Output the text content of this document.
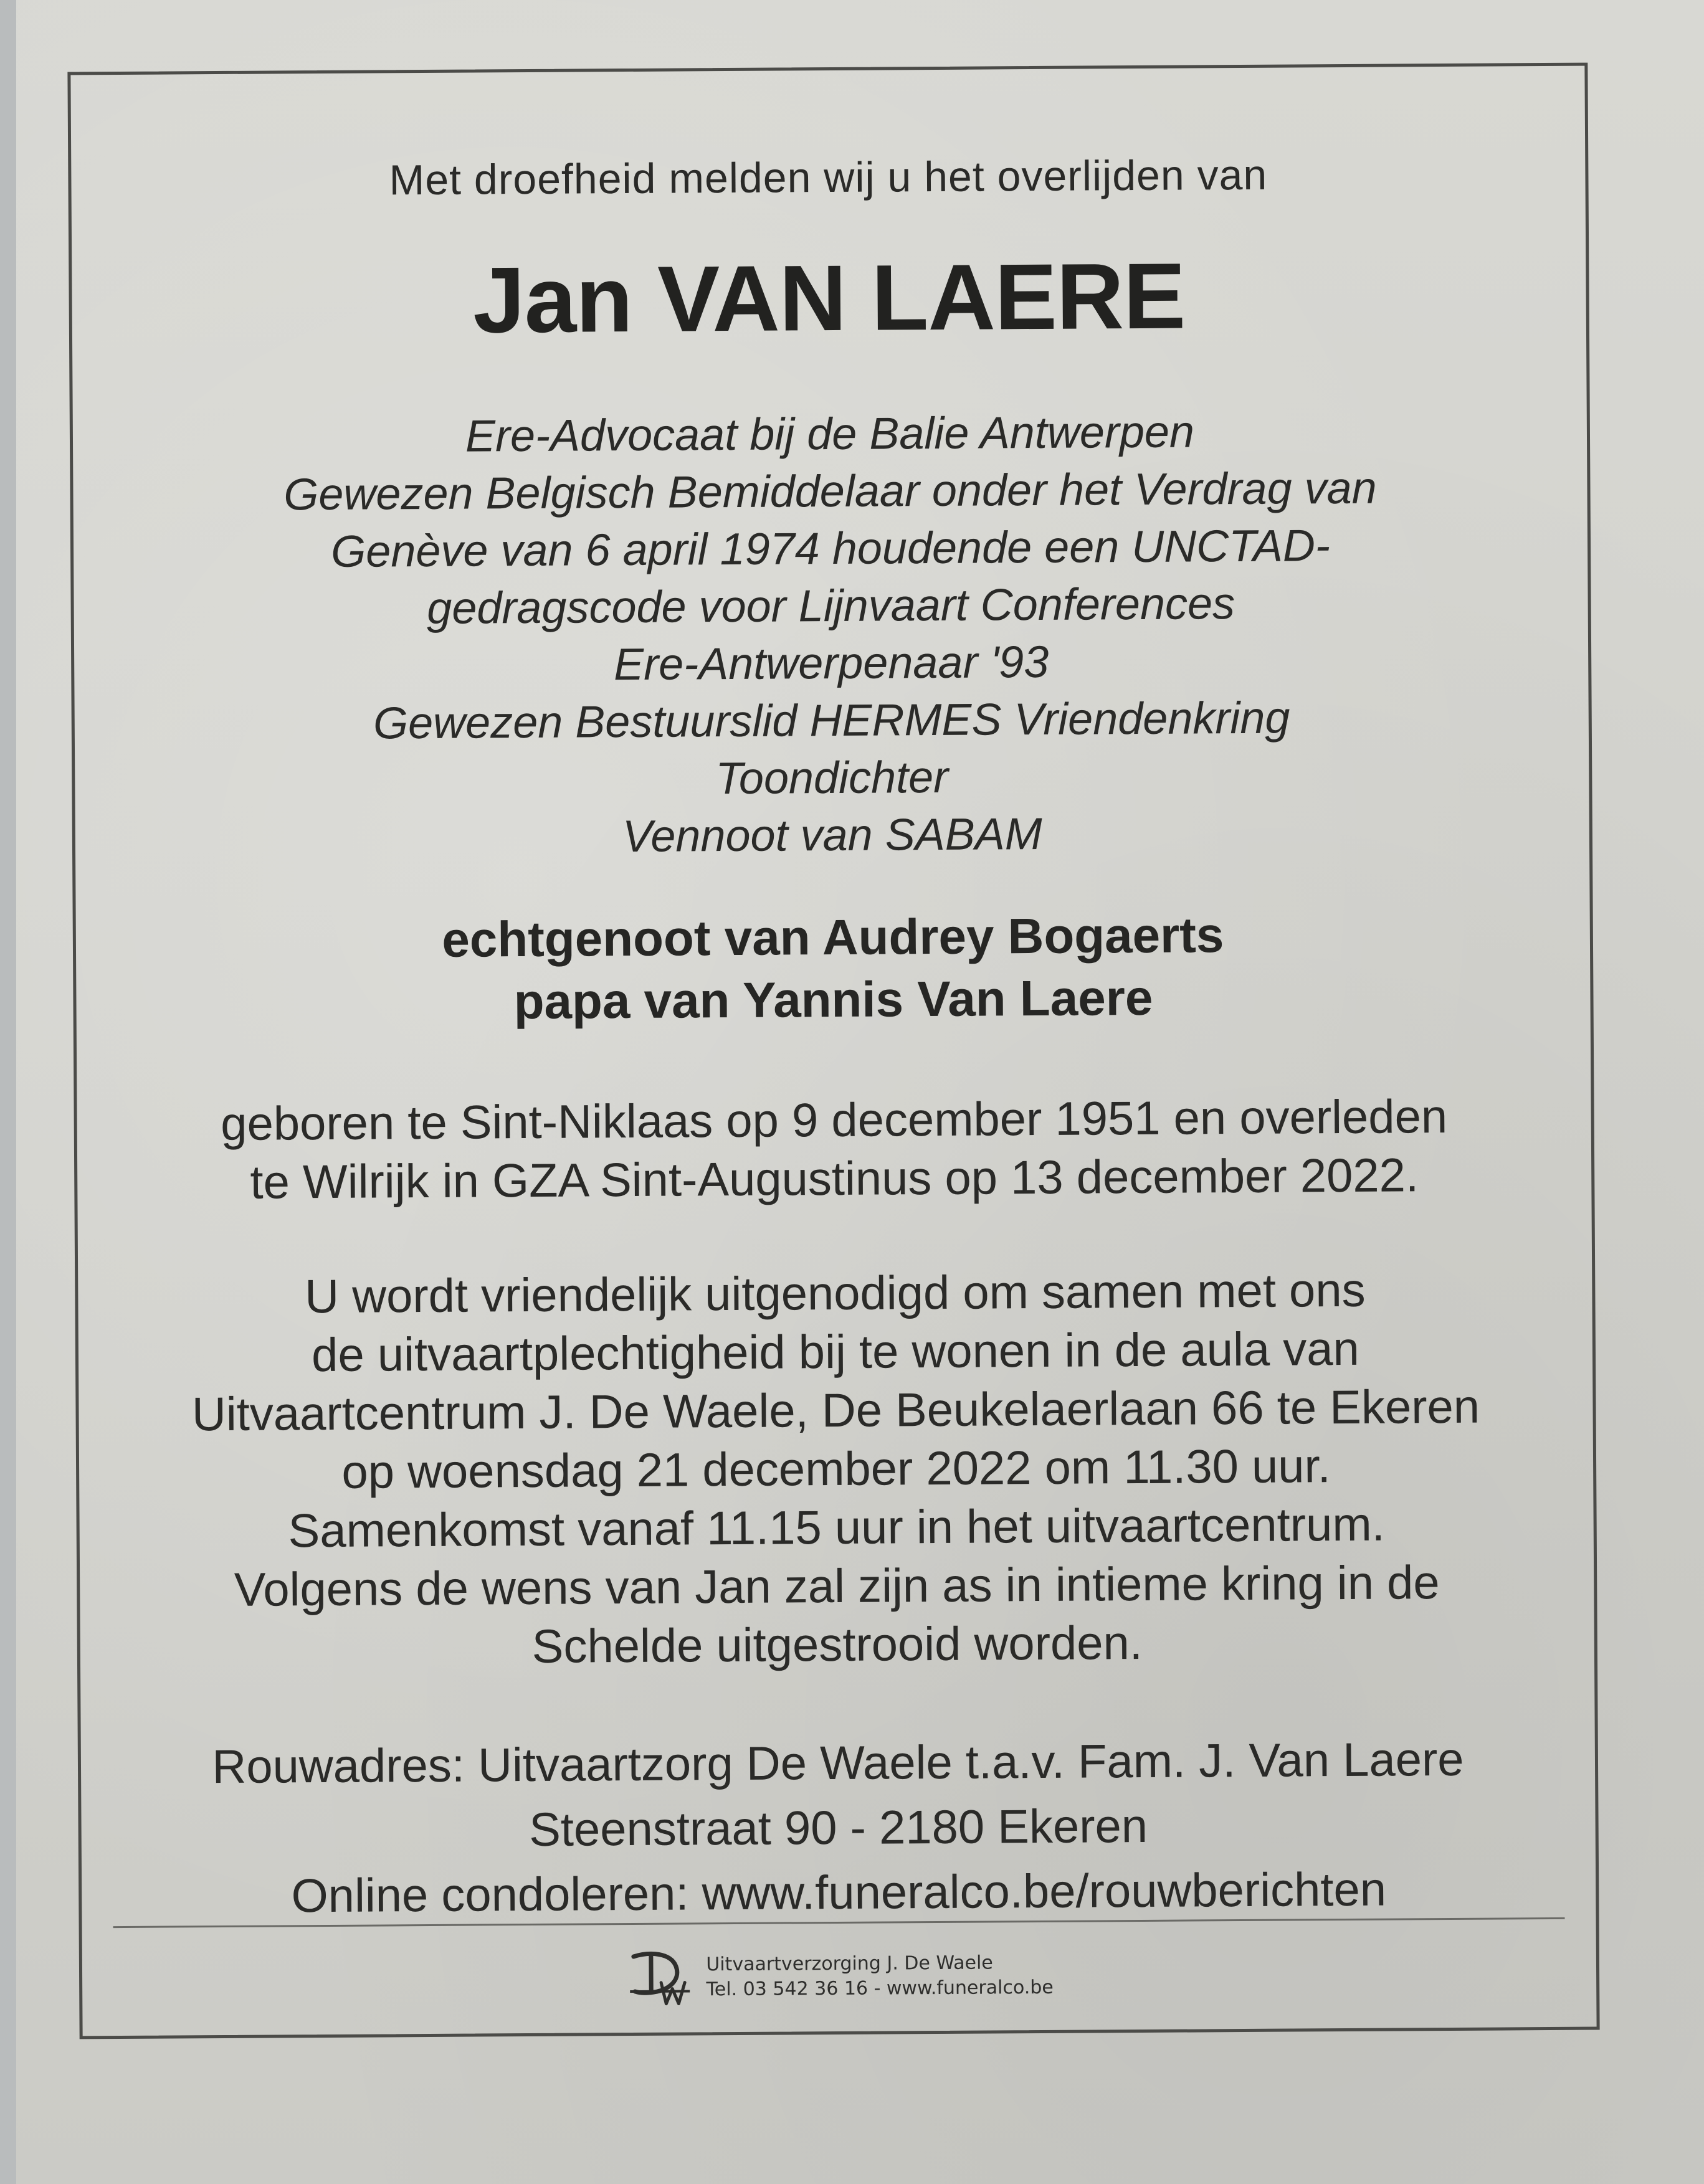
Met droefheid melden wij u het overlijden van
Jan VAN LAERE
Ere-Advocaat bij de Balie Antwerpen
Gewezen Belgisch Bemiddelaar onder het Verdrag van
Genève van 6 april 1974 houdende een UNCTAD-
gedragscode voor Lijnvaart Conferences
Ere-Antwerpenaar '93
Gewezen Bestuurslid HERMES Vriendenkring
Toondichter
Vennoot van SABAM
echtgenoot van Audrey Bogaerts
papa van Yannis Van Laere
geboren te Sint-Niklaas op 9 december 1951 en overleden
te Wilrijk in GZA Sint-Augustinus op 13 december 2022.
U wordt vriendelijk uitgenodigd om samen met ons
de uitvaartplechtigheid bij te wonen in de aula van
Uitvaartcentrum J. De Waele, De Beukelaerlaan 66 te Ekeren
op woensdag 21 december 2022 om 11.30 uur.
Samenkomst vanaf 11.15 uur in het uitvaartcentrum.
Volgens de wens van Jan zal zijn as in intieme kring in de
Schelde uitgestrooid worden.
Rouwadres: Uitvaartzorg De Waele t.a.v. Fam. J. Van Laere
Steenstraat 90 - 2180 Ekeren
Online condoleren: www.funeralco.be/rouwberichten
Uitvaartverzorging J. De Waele
Tel. 03 542 36 16 - www.funeralco.be
